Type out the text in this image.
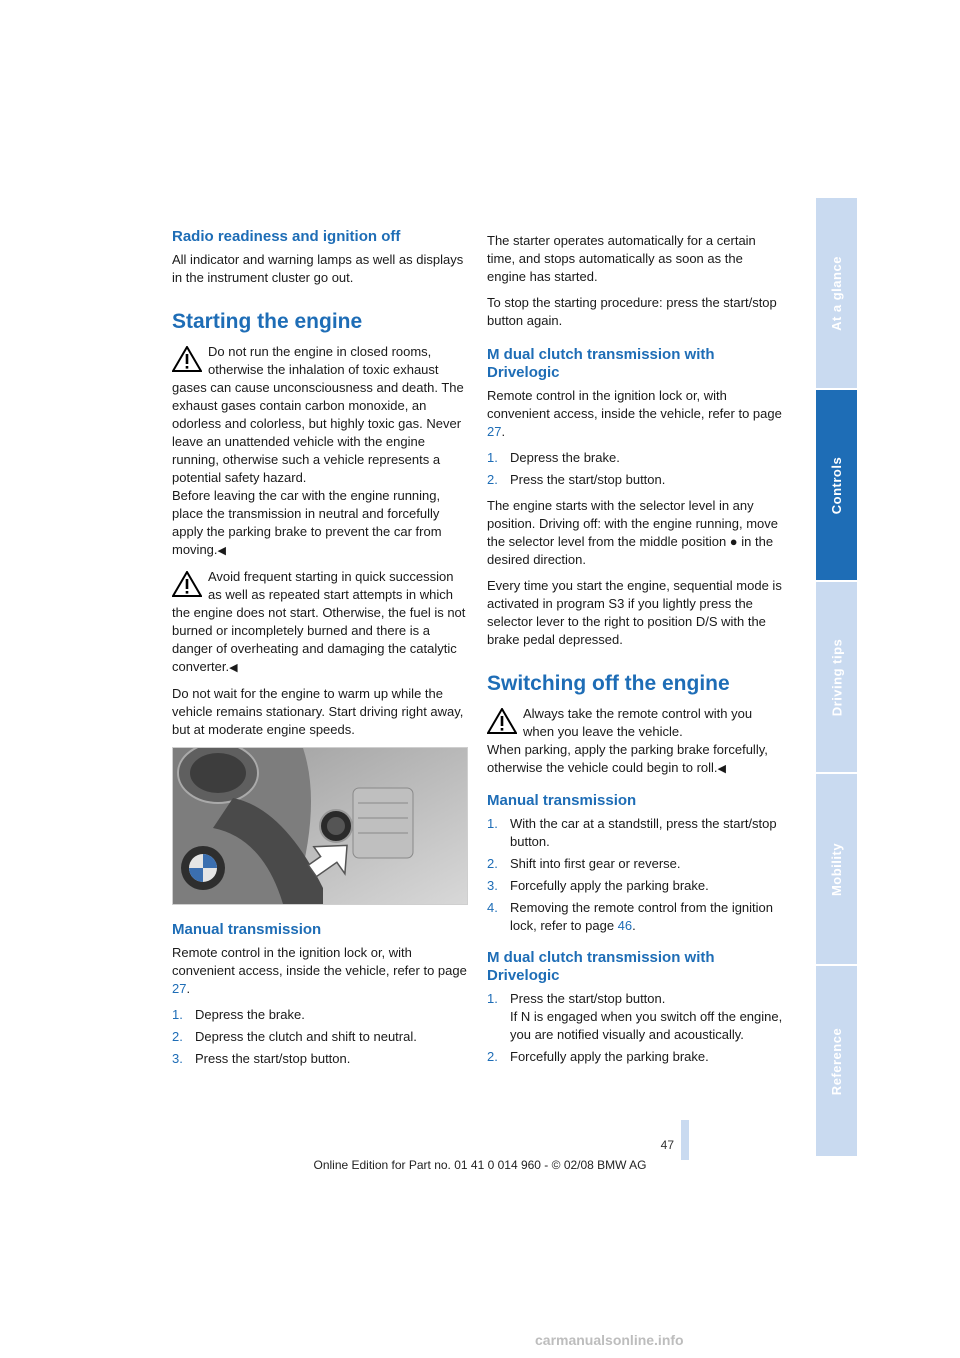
Radio readiness and ignition off

All indicator and warning lamps as well as displays in the instrument cluster go out.

Starting the engine
Do not run the engine in closed rooms, otherwise the inhalation of toxic exhaust gases can cause unconsciousness and death. The exhaust gases contain carbon monoxide, an odorless and colorless, but highly toxic gas. Never leave an unattended vehicle with the engine running, otherwise such a vehicle represents a potential safety hazard.
Before leaving the car with the engine running, place the transmission in neutral and forcefully apply the parking brake to prevent the car from moving.◀
Avoid frequent starting in quick succession as well as repeated start attempts in which the engine does not start. Otherwise, the fuel is not burned or incompletely burned and there is a danger of overheating and damaging the catalytic converter.◀

Do not wait for the engine to warm up while the vehicle remains stationary. Start driving right away, but at moderate engine speeds.

Manual transmission

Remote control in the ignition lock or, with convenient access, inside the vehicle, refer to page 27.

1. Depress the brake.
2. Depress the clutch and shift to neutral.
3. Press the start/stop button.

The starter operates automatically for a certain time, and stops automatically as soon as the engine has started.

To stop the starting procedure: press the start/stop button again.

M dual clutch transmission with Drivelogic

Remote control in the ignition lock or, with convenient access, inside the vehicle, refer to page 27.

1. Depress the brake.
2. Press the start/stop button.

The engine starts with the selector level in any position. Driving off: with the engine running, move the selector level from the middle position ● in the desired direction.

Every time you start the engine, sequential mode is activated in program S3 if you lightly press the selector lever to the right to position D/S with the brake pedal depressed.

Switching off the engine
Always take the remote control with you when you leave the vehicle.
When parking, apply the parking brake forcefully, otherwise the vehicle could begin to roll.◀
Manual transmission
1. With the car at a standstill, press the start/stop button.
2. Shift into first gear or reverse.
3. Forcefully apply the parking brake.
4. Removing the remote control from the ignition lock, refer to page 46.
M dual clutch transmission with Drivelogic
1. Press the start/stop button.
If N is engaged when you switch off the engine, you are notified visually and acoustically.
2. Forcefully apply the parking brake.
At a glance
Controls
Driving tips
Mobility
Reference
47
Online Edition for Part no. 01 41 0 014 960 - © 02/08 BMW AG
carmanualsonline.info
